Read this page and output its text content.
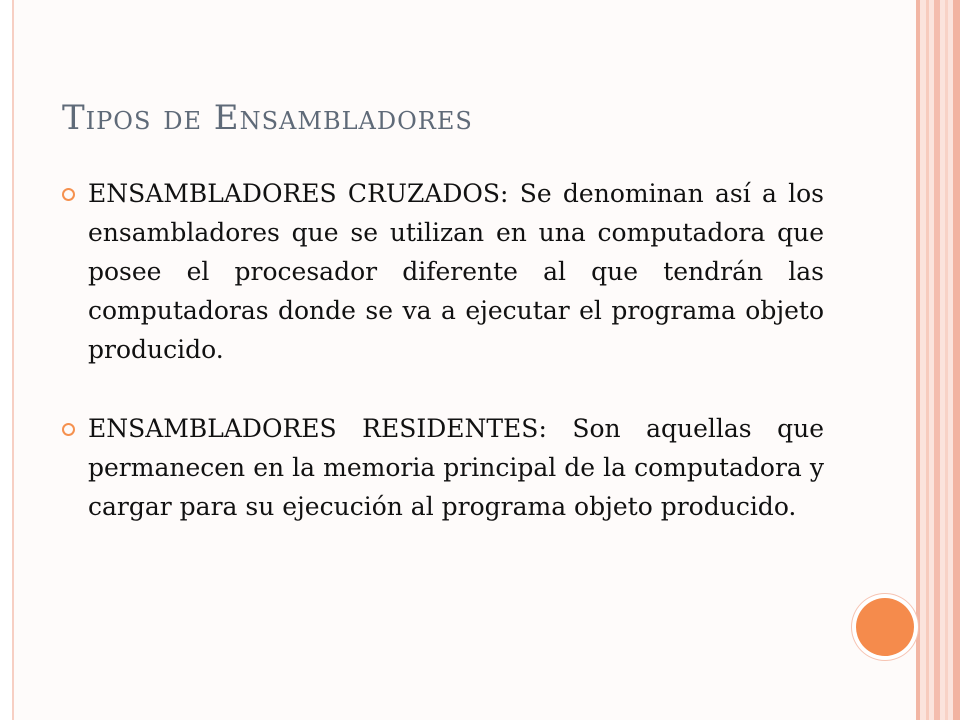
Tipos de Ensambladores
ENSAMBLADORES CRUZADOS: Se denominan así a los ensambladores que se utilizan en una computadora que posee el procesador diferente al que tendrán las computadoras donde se va a ejecutar el programa objeto producido.
ENSAMBLADORES RESIDENTES: Son aquellas que permanecen en la memoria principal de la computadora y cargar para su ejecución al programa objeto producido.
